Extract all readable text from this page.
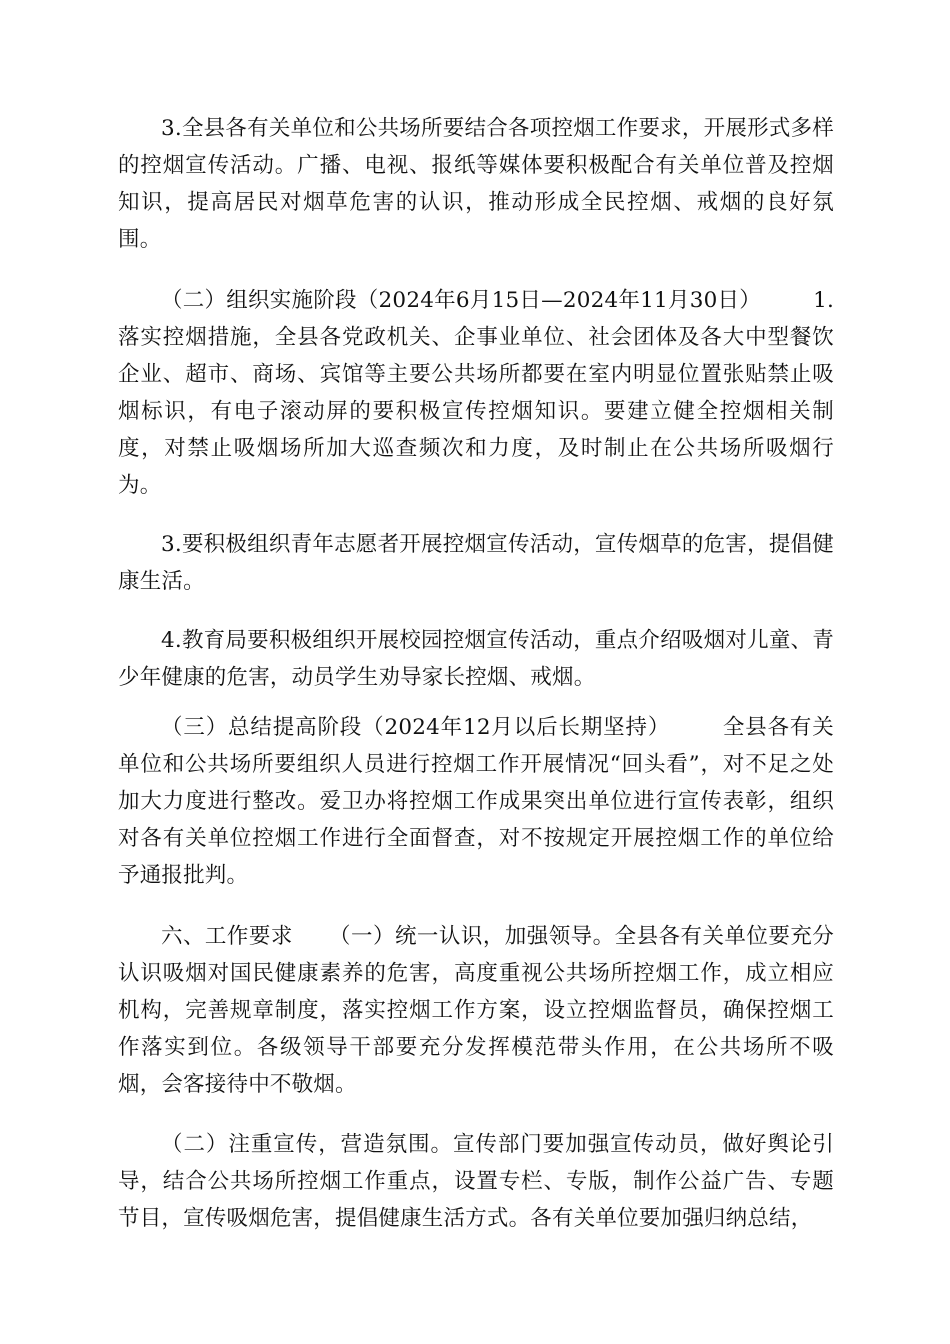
3.全县各有关单位和公共场所要结合各项控烟工作要求，开展形式多样的控烟宣传活动。广播、电视、报纸等媒体要积极配合有关单位普及控烟知识，提高居民对烟草危害的认识，推动形成全民控烟、戒烟的良好氛围。

（二）组织实施阶段（2024年6月15日—2024年11月30日） 1.落实控烟措施，全县各党政机关、企事业单位、社会团体及各大中型餐饮企业、超市、商场、宾馆等主要公共场所都要在室内明显位置张贴禁止吸烟标识，有电子滚动屏的要积极宣传控烟知识。要建立健全控烟相关制度，对禁止吸烟场所加大巡查频次和力度，及时制止在公共场所吸烟行为。

3.要积极组织青年志愿者开展控烟宣传活动，宣传烟草的危害，提倡健康生活。

4.教育局要积极组织开展校园控烟宣传活动，重点介绍吸烟对儿童、青少年健康的危害，动员学生劝导家长控烟、戒烟。

（三）总结提高阶段（2024年12月以后长期坚持） 全县各有关单位和公共场所要组织人员进行控烟工作开展情况“回头看”，对不足之处加大力度进行整改。爱卫办将控烟工作成果突出单位进行宣传表彰，组织对各有关单位控烟工作进行全面督查，对不按规定开展控烟工作的单位给予通报批判。

六、工作要求 （一）统一认识，加强领导。全县各有关单位要充分认识吸烟对国民健康素养的危害，高度重视公共场所控烟工作，成立相应机构，完善规章制度，落实控烟工作方案，设立控烟监督员，确保控烟工作落实到位。各级领导干部要充分发挥模范带头作用，在公共场所不吸烟，会客接待中不敬烟。

（二）注重宣传，营造氛围。宣传部门要加强宣传动员，做好舆论引导，结合公共场所控烟工作重点，设置专栏、专版，制作公益广告、专题节目，宣传吸烟危害，提倡健康生活方式。各有关单位要加强归纳总结，
